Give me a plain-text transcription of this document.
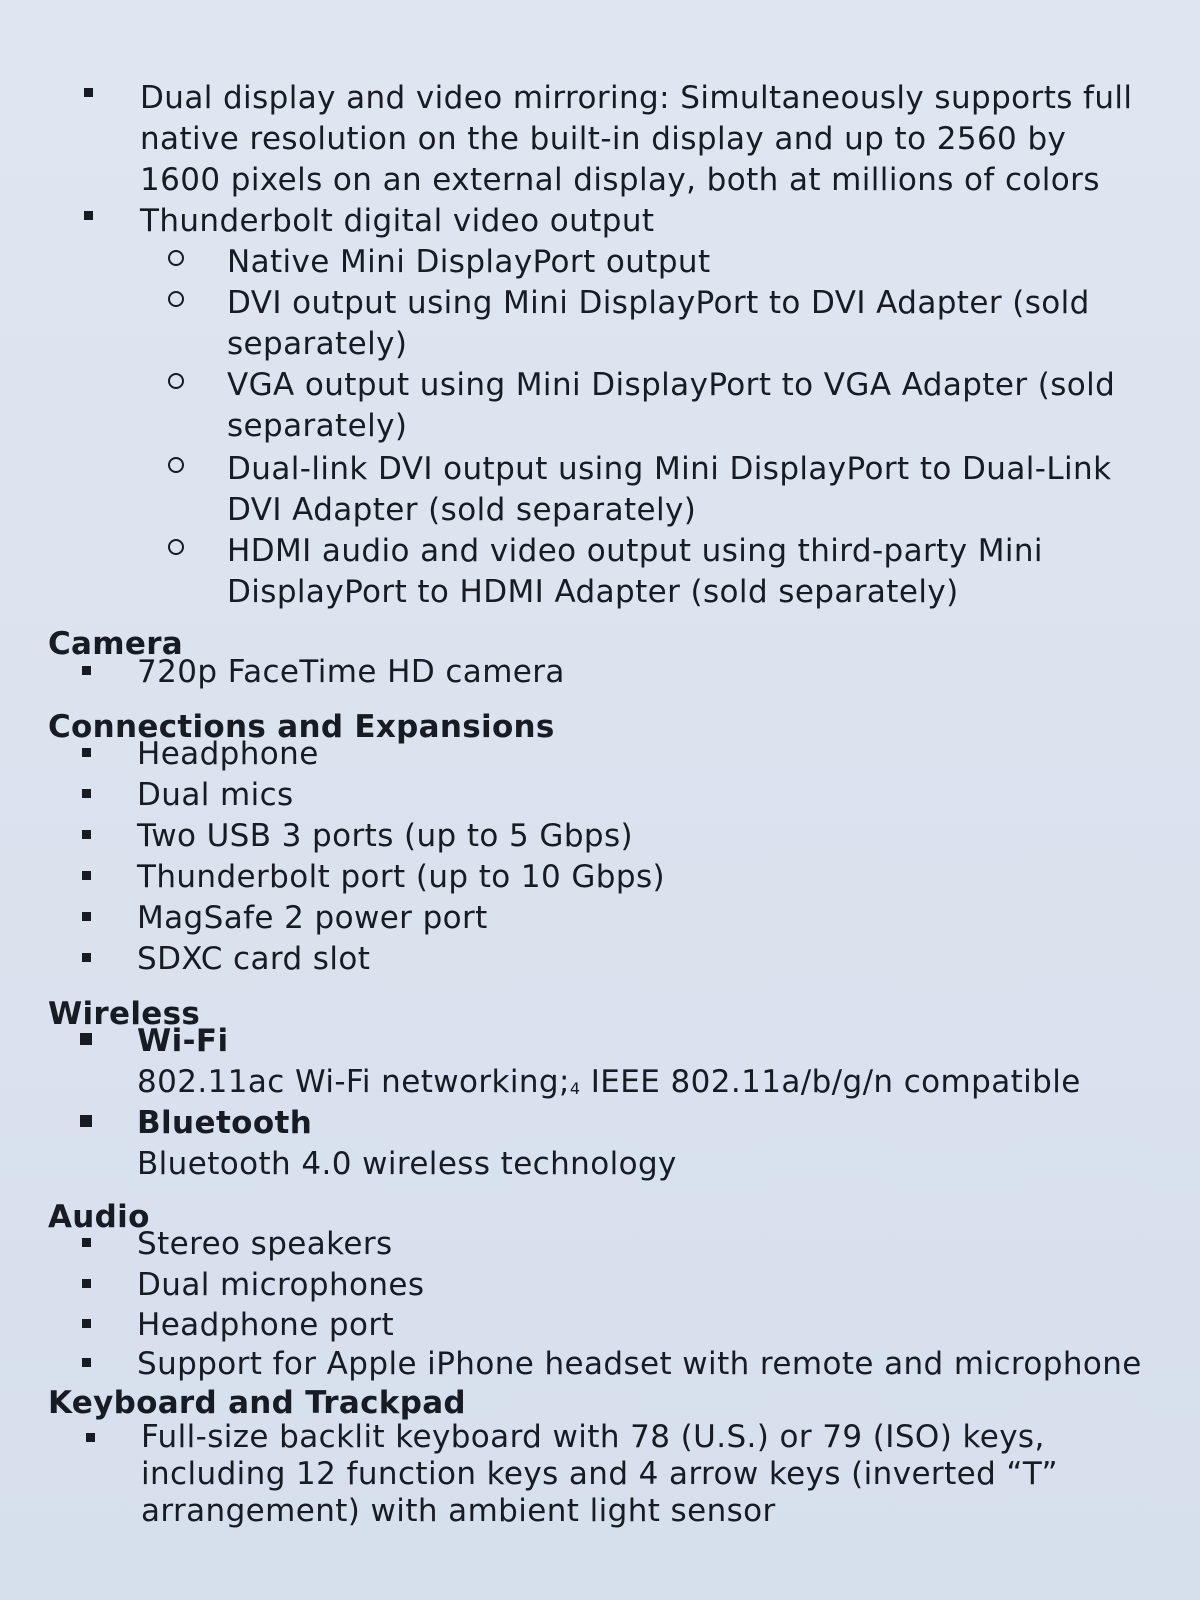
Dual display and video mirroring: Simultaneously supports full
native resolution on the built-in display and up to 2560 by
1600 pixels on an external display, both at millions of colors
Thunderbolt digital video output
Native Mini DisplayPort output
DVI output using Mini DisplayPort to DVI Adapter (sold
separately)
VGA output using Mini DisplayPort to VGA Adapter (sold
separately)
Dual-link DVI output using Mini DisplayPort to Dual-Link
DVI Adapter (sold separately)
HDMI audio and video output using third-party Mini
DisplayPort to HDMI Adapter (sold separately)
Camera
720p FaceTime HD camera
Connections and Expansions
Headphone
Dual mics
Two USB 3 ports (up to 5 Gbps)
Thunderbolt port (up to 10 Gbps)
MagSafe 2 power port
SDXC card slot
Wireless
Wi-Fi
802.11ac Wi-Fi networking;4 IEEE 802.11a/b/g/n compatible
Bluetooth
Bluetooth 4.0 wireless technology
Audio
Stereo speakers
Dual microphones
Headphone port
Support for Apple iPhone headset with remote and microphone
Keyboard and Trackpad
Full-size backlit keyboard with 78 (U.S.) or 79 (ISO) keys,
including 12 function keys and 4 arrow keys (inverted “T”
arrangement) with ambient light sensor
